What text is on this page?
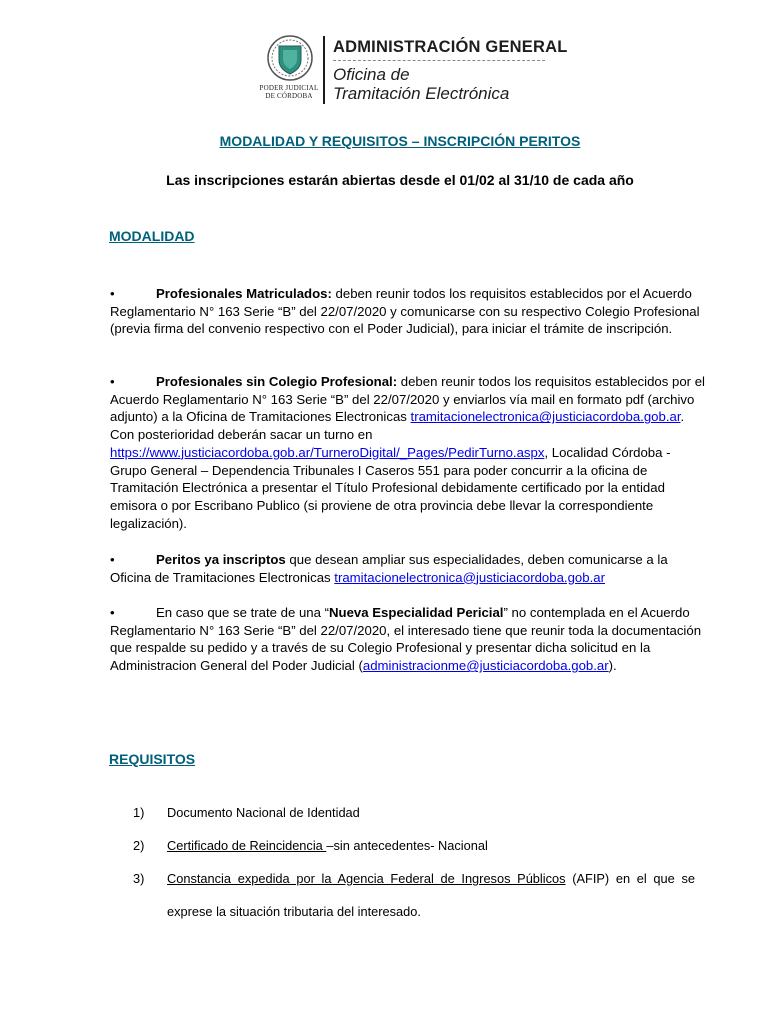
PODER JUDICIAL
DE CÓRDOBA
ADMINISTRACIÓN GENERAL
Oficina de
Tramitación Electrónica
MODALIDAD Y REQUISITOS – INSCRIPCIÓN PERITOS
Las inscripciones estarán abiertas desde el 01/02 al 31/10 de cada año
MODALIDAD
•	Profesionales Matriculados: deben reunir todos los requisitos establecidos por el Acuerdo Reglamentario N° 163 Serie “B” del 22/07/2020 y comunicarse con su respectivo Colegio Profesional (previa firma del convenio respectivo con el Poder Judicial), para iniciar el trámite de inscripción.
•	Profesionales sin Colegio Profesional: deben reunir todos los requisitos establecidos por el Acuerdo Reglamentario N° 163 Serie “B” del 22/07/2020 y enviarlos vía mail en formato pdf (archivo adjunto) a la Oficina de Tramitaciones Electronicas tramitacionelectronica@justiciacordoba.gob.ar. Con posterioridad deberán sacar un turno en https://www.justiciacordoba.gob.ar/TurneroDigital/_Pages/PedirTurno.aspx, Localidad Córdoba - Grupo General – Dependencia Tribunales I Caseros 551 para poder concurrir a la oficina de Tramitación Electrónica a presentar el Título Profesional debidamente certificado por la entidad emisora o por Escribano Publico (si proviene de otra provincia debe llevar la correspondiente legalización).
•	Peritos ya inscriptos que desean ampliar sus especialidades, deben comunicarse a la Oficina de Tramitaciones Electronicas tramitacionelectronica@justiciacordoba.gob.ar
•	En caso que se trate de una “Nueva Especialidad Pericial” no contemplada en el Acuerdo Reglamentario N° 163 Serie “B” del 22/07/2020, el interesado tiene que reunir toda la documentación que respalde su pedido y a través de su Colegio Profesional y presentar dicha solicitud en la Administracion General del Poder Judicial (administracionme@justiciacordoba.gob.ar).
REQUISITOS
1) Documento Nacional de Identidad
2) Certificado de Reincidencia –sin antecedentes- Nacional
3) Constancia expedida por la Agencia Federal de Ingresos Públicos (AFIP) en el que se
exprese la situación tributaria del interesado.
